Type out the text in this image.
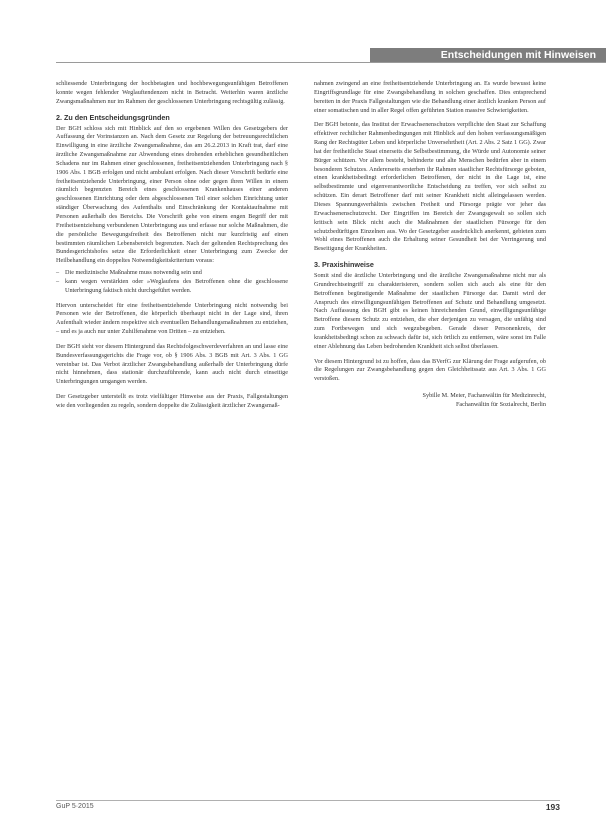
Entscheidungen mit Hinweisen

schliessende Unterbringung der hochbetagten und hochbewegungsunfähigen Betroffenen konnte wegen fehlender Weglauftendenzen nicht in Betracht. Weiterhin waren ärztliche Zwangsmaßnahmen nur im Rahmen der geschlossenen Unterbringung rechtsgültig zulässig.

2. Zu den Entscheidungsgründen

Der BGH schloss sich mit Hinblick auf den so ergebenen Willen des Gesetzgebers der Auffassung der Vorinstanzen an. Nach dem Gesetz zur Regelung der betreuungsrechtlichen Einwilligung in eine ärztliche Zwangsmaßnahme, das am 26.2.2013 in Kraft trat, darf eine ärztliche Zwangsmaßnahme zur Abwendung eines drohenden erheblichen gesundheitlichen Schadens nur im Rahmen einer geschlossenen, freiheitsentziehenden Unterbringung nach § 1906 Abs. 1 BGB erfolgen und nicht ambulant erfolgen. Nach dieser Vorschrift bedürfe eine freiheitsentziehende Unterbringung, einer Person ohne oder gegen ihren Willen in einem räumlich begrenzten Bereich eines geschlossenen Krankenhauses einer anderen geschlossenen Einrichtung oder dem abgeschlossenen Teil einer solchen Einrichtung unter ständiger Überwachung des Aufenthalts und Einschränkung der Kontaktaufnahme mit Personen außerhalb des Bereichs. Die Vorschrift gehe von einem engen Begriff der mit Freiheitsentziehung verbundenen Unterbringung aus und erfasse nur solche Maßnahmen, die die persönliche Bewegungsfreiheit des Betroffenen nicht nur kurzfristig auf einen bestimmten räumlichen Lebensbereich begrenzten. Nach der geltenden Rechtsprechung des Bundesgerichtshofes setze die Erforderlichkeit einer Unterbringung zum Zwecke der Heilbehandlung ein doppeltes Notwendigkeitskriterium voraus:

– Die medizinische Maßnahme muss notwendig sein und
– kann wegen verstärkten oder »Weglaufens des Betroffenen ohne die geschlossene Unterbringung faktisch nicht durchgeführt werden.

Hiervon unterscheidet für eine freiheitsentziehende Unterbringung nicht notwendig bei Personen wie der Betroffenen, die körperlich überhaupt nicht in der Lage sind, ihren Aufenthalt wieder ändern respektive sich eventuellen Behandlungsmaßnahmen zu entziehen, – und es ja auch nur unter Zuhilfenahme von Dritten – zu entziehen.

Der BGH sieht vor diesem Hintergrund das Rechtsfolgeschwerdeverfahren an und lasse eine Bundesverfassungsgerichts die Frage vor, ob § 1906 Abs. 3 BGB mit Art. 3 Abs. 1 GG vereinbar ist. Das Verbot ärztlicher Zwangsbehandlung außerhalb der Unterbringung dürfe nicht hinnehmen, dass stationär durchzuführende, kann auch nicht durch einseitige Unterbringungen umgangen werden.

Der Gesetzgeber unterstellt es trotz vielfältiger Hinweise aus der Praxis, Fallgestaltungen wie den vorliegenden zu regeln, sondern doppelte die Zulässigkeit ärztlicher Zwangsmaß-

nahmen zwingend an eine freiheitsentziehende Unterbringung an. Es wurde bewusst keine Eingriffsgrundlage für eine Zwangsbehandlung in solchen geschaffen. Dies entsprechend bereiten in der Praxis Fallgestaltungen wie die Behandlung einer ärztlich kranken Person auf einer somatischen und in aller Regel offen geführten Station massive Schwierigkeiten.

Der BGH betonte, das Institut der Erwachsenenschutzes verpflichte den Staat zur Schaffung effektiver rechtlicher Rahmenbedingungen mit Hinblick auf den hohen verfassungsmäßigen Rang der Rechtsgüter Leben und körperliche Unversehrtheit (Art. 2 Abs. 2 Satz 1 GG). Zwar hat der freiheitliche Staat einerseits die Selbstbestimmung, die Würde und Autonomie seiner Bürger schützen. Vor allem besteht, behinderte und alte Menschen bedürfen aber in einem besonderen Schutzes. Andererseits ersterben ihr Rahmen staatlicher Rechtsfürsorge geboten, einen krankheitsbedingt erforderlichen Betroffenen, der nicht in die Lage ist, eine selbstbestimmte und eigenverantwortliche Entscheidung zu treffen, vor sich selbst zu schützen. Ein derart Betroffener darf mit seiner Krankheit nicht alleingelassen werden. Dieses Spannungsverhältnis zwischen Freiheit und Fürsorge prägte vor jeher das Erwachsenenschutzrecht. Der Eingriffen im Bereich der Zwangsgewalt so sollen sich kritisch sein Blick nicht auch die Maßnahmen der staatlichen Fürsorge für den schutzbedürftigen Einzelnen aus. Wo der Gesetzgeber ausdrücklich anerkennt, gebieten zum Wohl eines Betroffenen auch die Erhaltung seiner Gesundheit bei der Verringerung und Beseitigung der Krankheiten.

3. Praxishinweise

Somit sind die ärztliche Unterbringung und die ärztliche Zwangsmaßnahme nicht nur als Grundrechtseingriff zu charakterisieren, sondern sollen sich auch als eine für den Betroffenen begünstigende Maßnahme der staatlichen Fürsorge dar. Damit wird der Anspruch des einwilligungsunfähigen Betroffenen auf Schutz und Behandlung umgesetzt. Nach Auffassung des BGH gibt es keinen hinreichenden Grund, einwilligungsunfähige Betroffene diesem Schutz zu entziehen, die eher derjenigen zu versagen, die unfähig sind zum Fortbewegen und sich wegzubegeben. Gerade dieser Personenkreis, der krankheitsbedingt schon zu schwach dafür ist, sich örtlich zu entfernen, wäre sonst im Falle einer Ablehnung das Leben bedrohenden Krankheit sich selbst überlassen.

Vor diesem Hintergrund ist zu hoffen, dass das BVerfG zur Klärung der Frage aufgerufen, ob die Regelungen zur Zwangsbehandlung gegen den Gleichheitssatz aus Art. 3 Abs. 1 GG verstoßen.

Sybille M. Meier, Fachanwältin für Medizinrecht,
Fachanwältin für Sozialrecht, Berlin
GuP 5·2015	193
